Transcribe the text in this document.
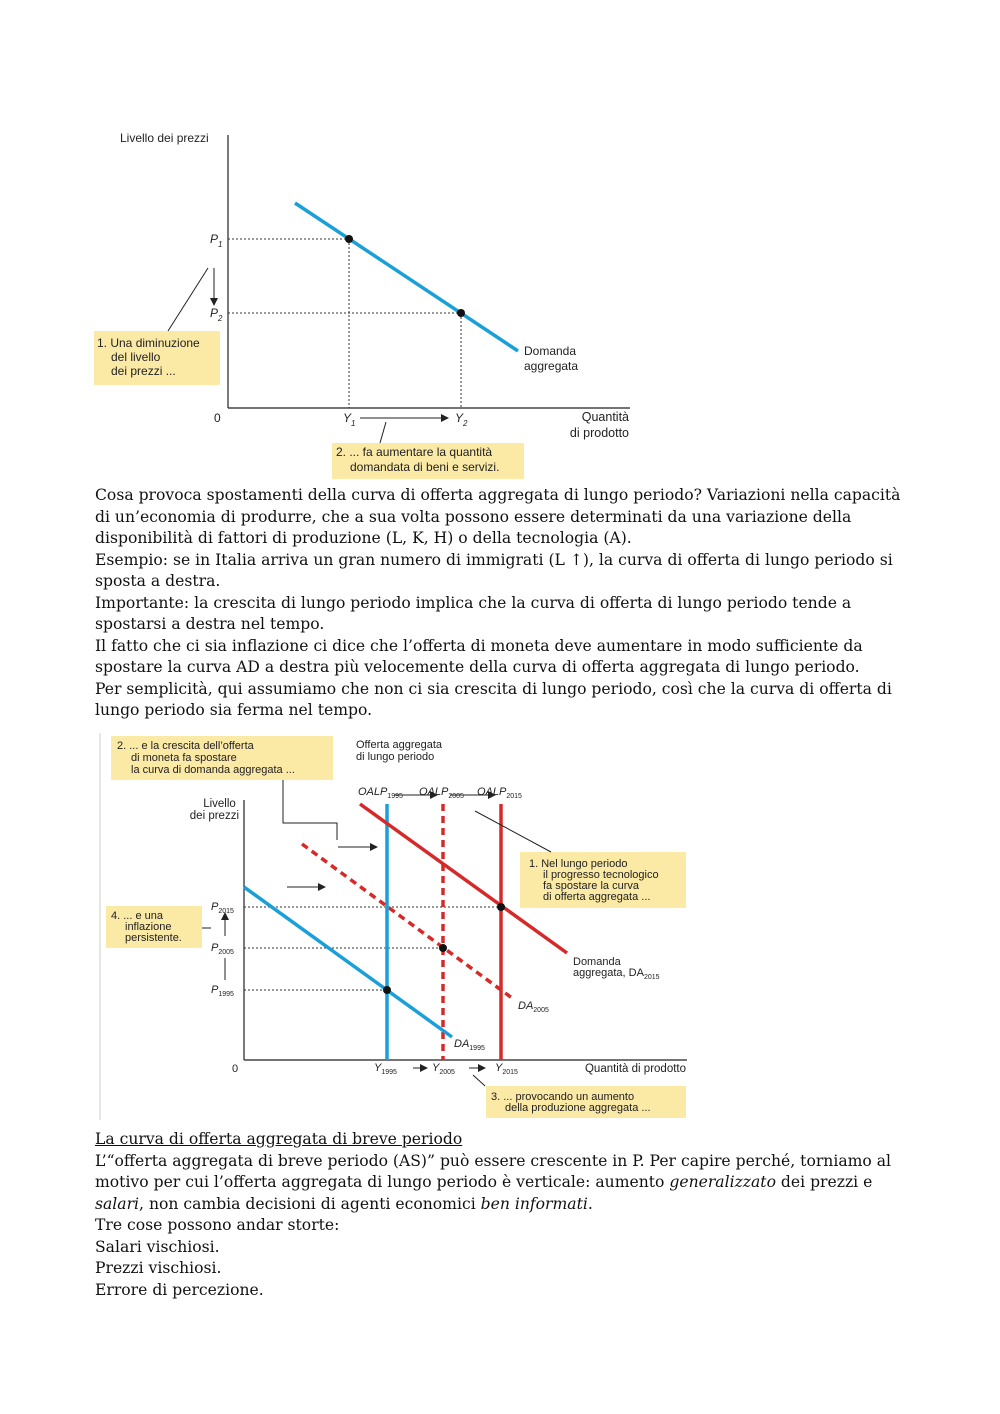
Livello dei prezzi
$P_1$
$P_2$
0	$Y_1$	$Y_2$	Quantità
di prodotto
Domanda
aggregata
1. Una diminuzione del livello dei prezzi ...
2. ... fa aumentare la quantità domandata di beni e servizi.

Cosa provoca spostamenti della curva di offerta aggregata di lungo periodo? Variazioni nella capacità di un’economia di produrre, che a sua volta possono essere determinati da una variazione della disponibilità di fattori di produzione (L, K, H) o della tecnologia (A).

Esempio: se in Italia arriva un gran numero di immigrati (L ↑), la curva di offerta di lungo periodo si sposta a destra.

Importante: la crescita di lungo periodo implica che la curva di offerta di lungo periodo tende a spostarsi a destra nel tempo.

Il fatto che ci sia inflazione ci dice che l’offerta di moneta deve aumentare in modo sufficiente da spostare la curva AD a destra più velocemente della curva di offerta aggregata di lungo periodo.

Per semplicità, qui assumiamo che non ci sia crescita di lungo periodo, così che la curva di offerta di lungo periodo sia ferma nel tempo.

2. ... e la crescita dell’offerta di moneta fa spostare la curva di domanda aggregata ...
Offerta aggregata di lungo periodo
$OALP_{1995}$ $OALP_{2005}$ $OALP_{2015}$
Livello dei prezzi
1. Nel lungo periodo il progresso tecnologico fa spostare la curva di offerta aggregata ...
$P_{2015}$
$P_{2005}$
$P_{1995}$
4. ... e una inflazione persistente.
Domanda aggregata, $DA_{2015}$
$DA_{2005}$
$DA_{1995}$
0	$Y_{1995}$	$Y_{2005}$	$Y_{2015}$	Quantità di prodotto
3. ... provocando un aumento della produzione aggregata ...

La curva di offerta aggregata di breve periodo

L’“offerta aggregata di breve periodo (AS)” può essere crescente in P. Per capire perché, torniamo al motivo per cui l’offerta aggregata di lungo periodo è verticale: aumento generalizzato dei prezzi e salari, non cambia decisioni di agenti economici ben informati.

Tre cose possono andar storte:

Salari vischiosi.

Prezzi vischiosi.

Errore di percezione.
